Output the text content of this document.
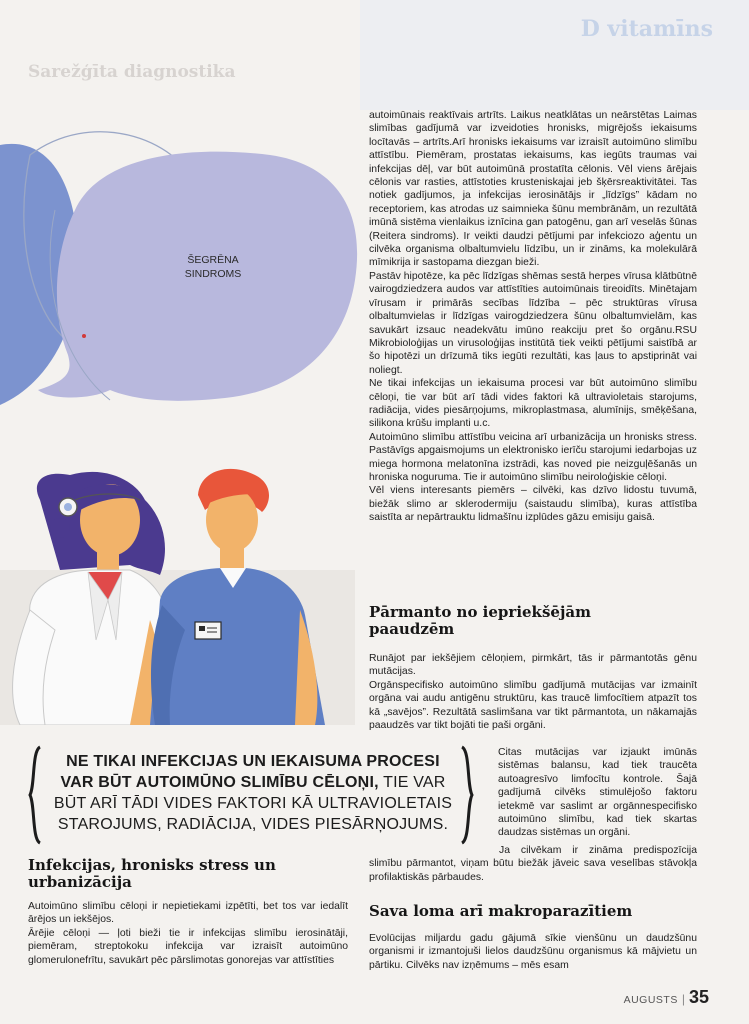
D vitamīns
Sarežģīta diagnostika
ŠEGRĒNA
SINDROMS

autoimūnais reaktīvais artrīts. Laikus neatklātas un neārstētas Laimas slimības gadījumā var izveidoties hronisks, migrējošs iekaisums locītavās – artrīts.Arī hronisks iekaisums var izraisīt autoimūno slimību attīstību. Piemēram, prostatas iekaisums, kas iegūts traumas vai infekcijas dēļ, var būt autoimūnā prostatīta cēlonis. Vēl viens ārējais cēlonis var rasties, attīstoties krusteniskajai jeb šķērsreaktivitātei. Tas notiek gadījumos, ja infekcijas ierosinātājs ir „līdzīgs” kādam no receptoriem, kas atrodas uz saimnieka šūnu membrānām, un rezultātā imūnā sistēma vienlaikus iznīcina gan patogēnu, gan arī veselās šūnas (Reitera sindroms). Ir veikti daudzi pētījumi par infekciozo aģentu un cilvēka organisma olbaltumvielu līdzību, un ir zināms, ka molekulārā mīmikrija ir sastopama diezgan bieži.

Pastāv hipotēze, ka pēc līdzīgas shēmas sestā herpes vīrusa klātbūtnē vairogdziedzera audos var attīstīties autoimūnais tireoidīts. Minētajam vīrusam ir primārās secības līdzība – pēc struktūras vīrusa olbaltumvielas ir līdzīgas vairogdziedzera šūnu olbaltumvielām, kas savukārt izsauc neadekvātu imūno reakciju pret šo orgānu.RSU Mikrobioloģijas un virusoloģijas institūtā tiek veikti pētījumi saistībā ar šo hipotēzi un drīzumā tiks iegūti rezultāti, kas ļaus to apstiprināt vai noliegt.

Ne tikai infekcijas un iekaisuma procesi var būt autoimūno slimību cēloņi, tie var būt arī tādi vides faktori kā ultravioletais starojums, radiācija, vides piesārņojums, mikroplastmasa, alumīnijs, smēķēšana, silikona krūšu implanti u.c.

Autoimūno slimību attīstību veicina arī urbanizācija un hronisks stress. Pastāvīgs apgaismojums un elektronisko ierīču starojumi iedarbojas uz miega hormona melatonīna izstrādi, kas noved pie neizguļēšanās un hroniska noguruma. Tie ir autoimūno slimību neiroloģiskie cēloņi.

Vēl viens interesants piemērs – cilvēki, kas dzīvo lidostu tuvumā, biežāk slimo ar sklerodermiju (saistaudu slimība), kuras attīstība saistīta ar nepārtrauktu lidmašīnu izplūdes gāzu emisiju gaisā.

Pārmanto no iepriekšējām paaudzēm

Runājot par iekšējiem cēloņiem, pirmkārt, tās ir pārmantotās gēnu mutācijas.

Orgānspecifisko autoimūno slimību gadījumā mutācijas var izmainīt orgāna vai audu antigēnu struktūru, kas traucē limfocītiem atpazīt tos kā „savējos”. Rezultātā saslimšana var tikt pārmantota, un nākamajās paaudzēs var tikt bojāti tie paši orgāni.

Citas mutācijas var izjaukt imūnās sistēmas balansu, kad tiek traucēta autoagresīvo limfocītu kontrole. Šajā gadījumā cilvēks stimulējošo faktoru ietekmē var saslimt ar orgānnespecifisko autoimūno slimību, kad tiek skartas daudzas sistēmas un orgāni.

Ja cilvēkam ir zināma predispozīcija slimību pārmantot, viņam būtu biežāk jāveic sava veselības stāvokļa profilaktiskās pārbaudes.

Sava loma arī makroparazītiem

Evolūcijas miljardu gadu gājumā sīkie vienšūnu un daudzšūnu organismi ir izmantojuši lielos daudzšūnu organismus kā mājvietu un pārtiku. Cilvēks nav izņēmums – mēs esam

NE TIKAI INFEKCIJAS UN IEKAISUMA PROCESI VAR BŪT AUTOIMŪNO SLIMĪBU CĒLOŅI, TIE VAR BŪT ARĪ TĀDI VIDES FAKTORI KĀ ULTRAVIOLETAIS STAROJUMS, RADIĀCIJA, VIDES PIESĀRŅOJUMS.
Infekcijas, hronisks stress un urbanizācija

Autoimūno slimību cēloņi ir nepietiekami izpētīti, bet tos var iedalīt ārējos un iekšējos.

Ārējie cēloņi — ļoti bieži tie ir infekcijas slimību ierosinātāji, piemēram, streptokoku infekcija var izraisīt autoimūno glomerulonefrītu, savukārt pēc pārslimotas gonorejas var attīstīties

AUGUSTS | 35
